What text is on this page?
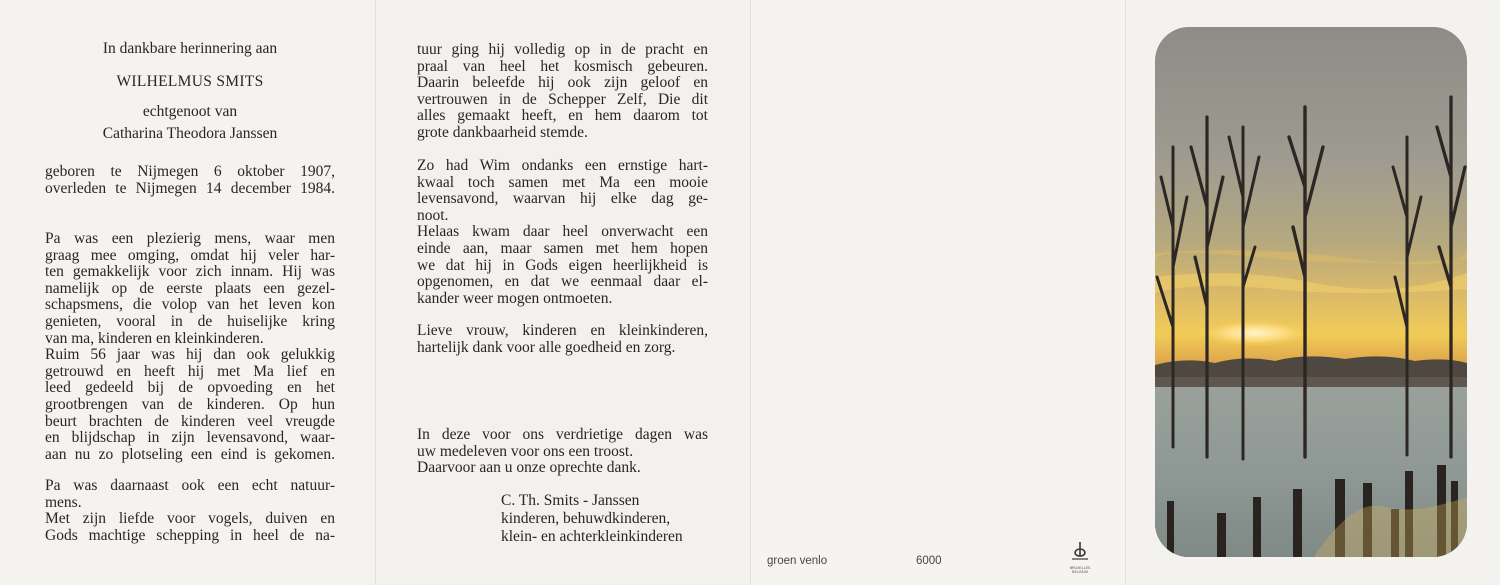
In dankbare herinnering aan
WILHELMUS SMITS
echtgenoot van
Catharina Theodora Janssen
geboren te Nijmegen 6 oktober 1907,
overleden te Nijmegen 14 december 1984.
Pa was een plezierig mens, waar men
graag mee omging, omdat hij veler har-
ten gemakkelijk voor zich innam. Hij was
namelijk op de eerste plaats een gezel-
schapsmens, die volop van het leven kon
genieten, vooral in de huiselijke kring
van ma, kinderen en kleinkinderen.
Ruim 56 jaar was hij dan ook gelukkig
getrouwd en heeft hij met Ma lief en
leed gedeeld bij de opvoeding en het
grootbrengen van de kinderen. Op hun
beurt brachten de kinderen veel vreugde
en blijdschap in zijn levensavond, waar-
aan nu zo plotseling een eind is gekomen.
Pa was daarnaast ook een echt natuur-
mens.
Met zijn liefde voor vogels, duiven en
Gods machtige schepping in heel de na-
tuur ging hij volledig op in de pracht en
praal van heel het kosmisch gebeuren.
Daarin beleefde hij ook zijn geloof en
vertrouwen in de Schepper Zelf, Die dit
alles gemaakt heeft, en hem daarom tot
grote dankbaarheid stemde.
Zo had Wim ondanks een ernstige hart-
kwaal toch samen met Ma een mooie
levensavond, waarvan hij elke dag ge-
noot.
Helaas kwam daar heel onverwacht een
einde aan, maar samen met hem hopen
we dat hij in Gods eigen heerlijkheid is
opgenomen, en dat we eenmaal daar el-
kander weer mogen ontmoeten.
Lieve vrouw, kinderen en kleinkinderen,
hartelijk dank voor alle goedheid en zorg.
In deze voor ons verdrietige dagen was
uw medeleven voor ons een troost.
Daarvoor aan u onze oprechte dank.
C. Th. Smits - Janssen
kinderen, behuwdkinderen,
klein- en achterkleinkinderen
groen venlo	6000
BRUXELLES
BELGIUM
